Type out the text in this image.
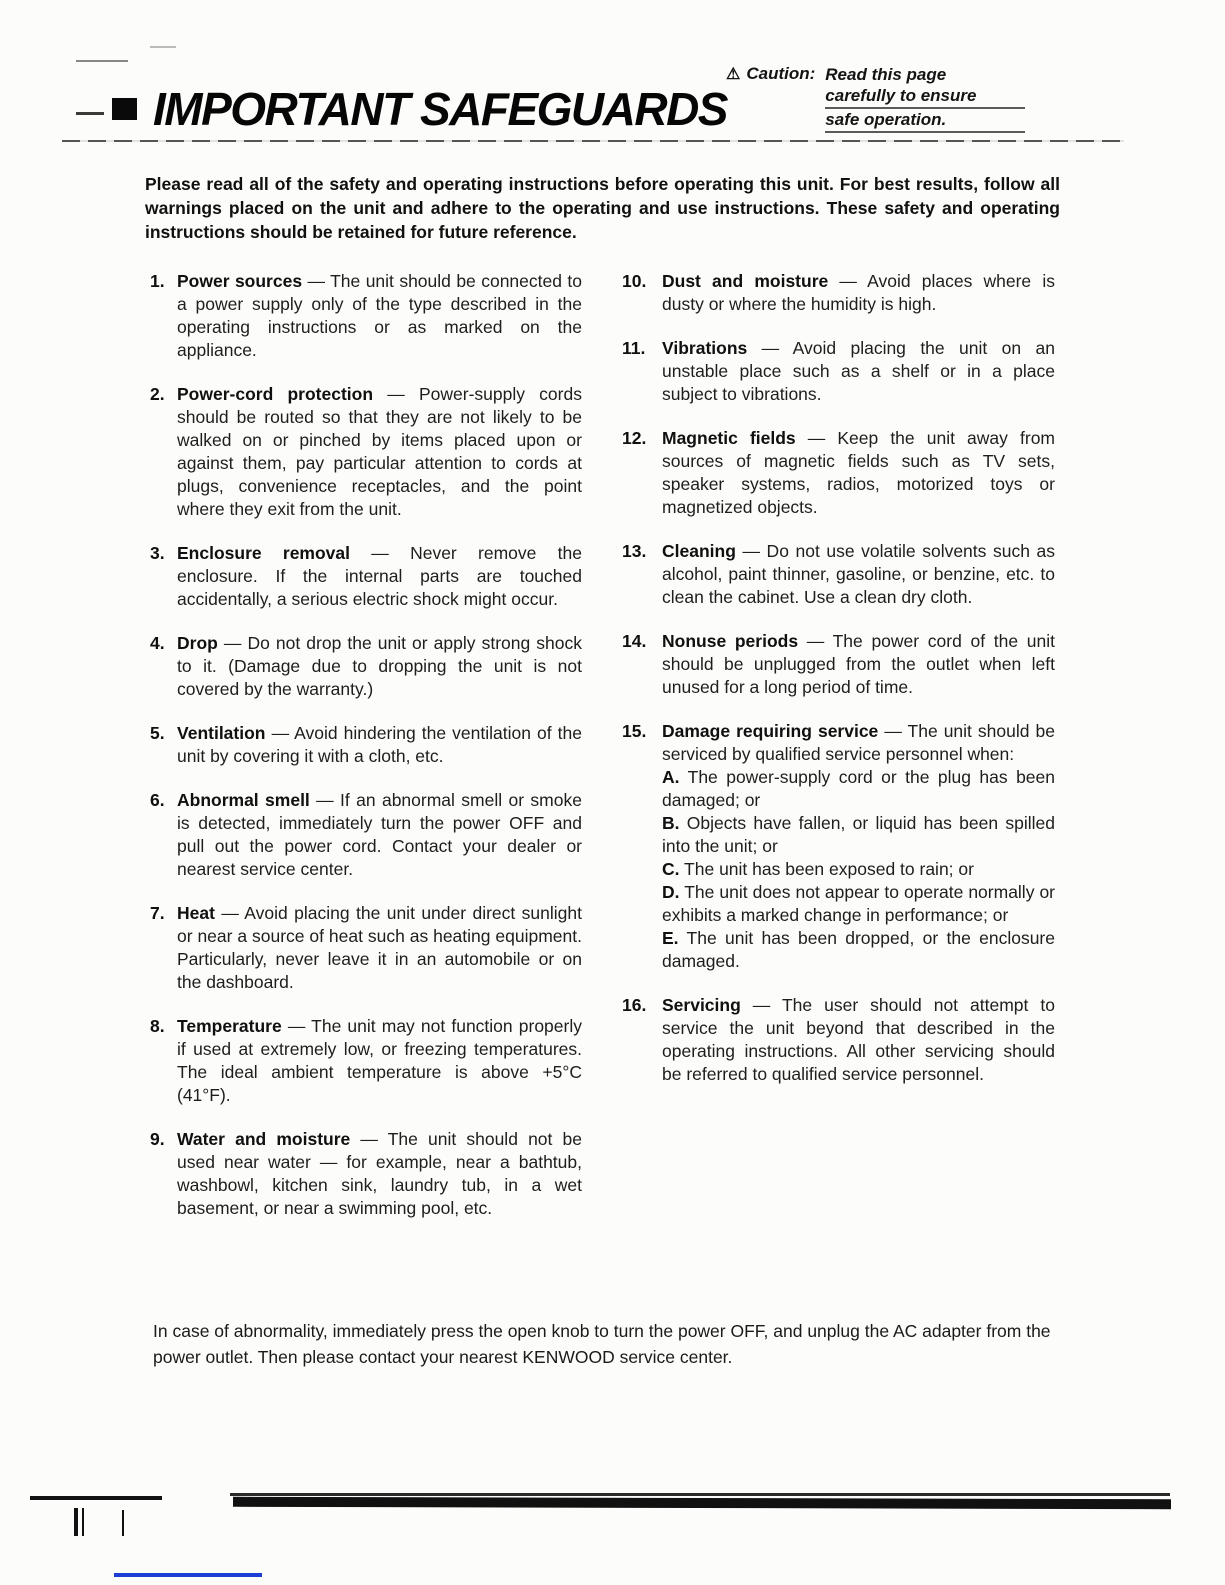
IMPORTANT SAFEGUARDS
⚠ Caution: Read this page
carefully to ensure
safe operation.
Please read all of the safety and operating instructions before operating this unit. For best results, follow all warnings placed on the unit and adhere to the operating and use instructions. These safety and operating instructions should be retained for future reference.
1. Power sources — The unit should be connected to a power supply only of the type described in the operating instructions or as marked on the appliance.
2. Power-cord protection — Power-supply cords should be routed so that they are not likely to be walked on or pinched by items placed upon or against them, pay particular attention to cords at plugs, convenience receptacles, and the point where they exit from the unit.
3. Enclosure removal — Never remove the enclosure. If the internal parts are touched accidentally, a serious electric shock might occur.
4. Drop — Do not drop the unit or apply strong shock to it. (Damage due to dropping the unit is not covered by the warranty.)
5. Ventilation — Avoid hindering the ventilation of the unit by covering it with a cloth, etc.
6. Abnormal smell — If an abnormal smell or smoke is detected, immediately turn the power OFF and pull out the power cord. Contact your dealer or nearest service center.
7. Heat — Avoid placing the unit under direct sunlight or near a source of heat such as heating equipment. Particularly, never leave it in an automobile or on the dashboard.
8. Temperature — The unit may not function properly if used at extremely low, or freezing temperatures. The ideal ambient temperature is above +5°C (41°F).
9. Water and moisture — The unit should not be used near water — for example, near a bathtub, washbowl, kitchen sink, laundry tub, in a wet basement, or near a swimming pool, etc.
10. Dust and moisture — Avoid places where is dusty or where the humidity is high.
11. Vibrations — Avoid placing the unit on an unstable place such as a shelf or in a place subject to vibrations.
12. Magnetic fields — Keep the unit away from sources of magnetic fields such as TV sets, speaker systems, radios, motorized toys or magnetized objects.
13. Cleaning — Do not use volatile solvents such as alcohol, paint thinner, gasoline, or benzine, etc. to clean the cabinet. Use a clean dry cloth.
14. Nonuse periods — The power cord of the unit should be unplugged from the outlet when left unused for a long period of time.
15. Damage requiring service — The unit should be serviced by qualified service personnel when:
A. The power-supply cord or the plug has been damaged; or
B. Objects have fallen, or liquid has been spilled into the unit; or
C. The unit has been exposed to rain; or
D. The unit does not appear to operate normally or exhibits a marked change in performance; or
E. The unit has been dropped, or the enclosure damaged.
16. Servicing — The user should not attempt to service the unit beyond that described in the operating instructions. All other servicing should be referred to qualified service personnel.
In case of abnormality, immediately press the open knob to turn the power OFF, and unplug the AC adapter from the power outlet. Then please contact your nearest KENWOOD service center.
